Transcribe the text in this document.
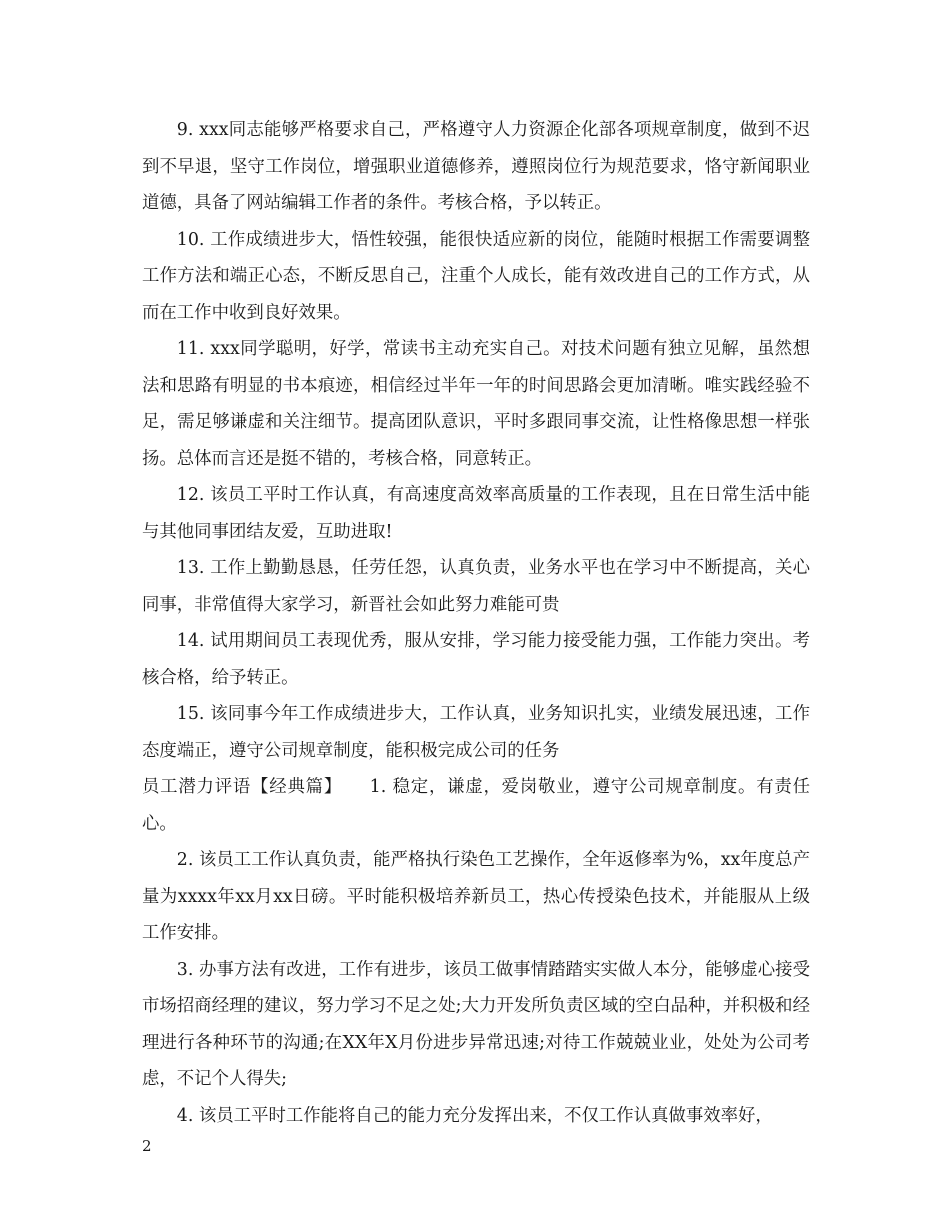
9. xxx同志能够严格要求自己，严格遵守人力资源企化部各项规章制度，做到不迟到不早退，坚守工作岗位，增强职业道德修养，遵照岗位行为规范要求，恪守新闻职业道德，具备了网站编辑工作者的条件。考核合格，予以转正。

10. 工作成绩进步大，悟性较强，能很快适应新的岗位，能随时根据工作需要调整工作方法和端正心态，不断反思自己，注重个人成长，能有效改进自己的工作方式，从而在工作中收到良好效果。

11. xxx同学聪明，好学，常读书主动充实自己。对技术问题有独立见解，虽然想法和思路有明显的书本痕迹，相信经过半年一年的时间思路会更加清晰。唯实践经验不足，需足够谦虚和关注细节。提高团队意识，平时多跟同事交流，让性格像思想一样张扬。总体而言还是挺不错的，考核合格，同意转正。

12. 该员工平时工作认真，有高速度高效率高质量的工作表现，且在日常生活中能与其他同事团结友爱，互助进取!

13. 工作上勤勤恳恳，任劳任怨，认真负责，业务水平也在学习中不断提高，关心同事，非常值得大家学习，新晋社会如此努力难能可贵

14. 试用期间员工表现优秀，服从安排，学习能力接受能力强，工作能力突出。考核合格，给予转正。

15. 该同事今年工作成绩进步大，工作认真，业务知识扎实，业绩发展迅速，工作态度端正，遵守公司规章制度，能积极完成公司的任务

员工潜力评语【经典篇】　　1. 稳定，谦虚，爱岗敬业，遵守公司规章制度。有责任心。

2. 该员工工作认真负责，能严格执行染色工艺操作，全年返修率为%，xx年度总产量为xxxx年xx月xx日磅。平时能积极培养新员工，热心传授染色技术，并能服从上级工作安排。

3. 办事方法有改进，工作有进步，该员工做事情踏踏实实做人本分，能够虚心接受市场招商经理的建议，努力学习不足之处;大力开发所负责区域的空白品种，并积极和经理进行各种环节的沟通;在XX年X月份进步异常迅速;对待工作兢兢业业，处处为公司考虑，不记个人得失;

4. 该员工平时工作能将自己的能力充分发挥出来，不仅工作认真做事效率好，

2
